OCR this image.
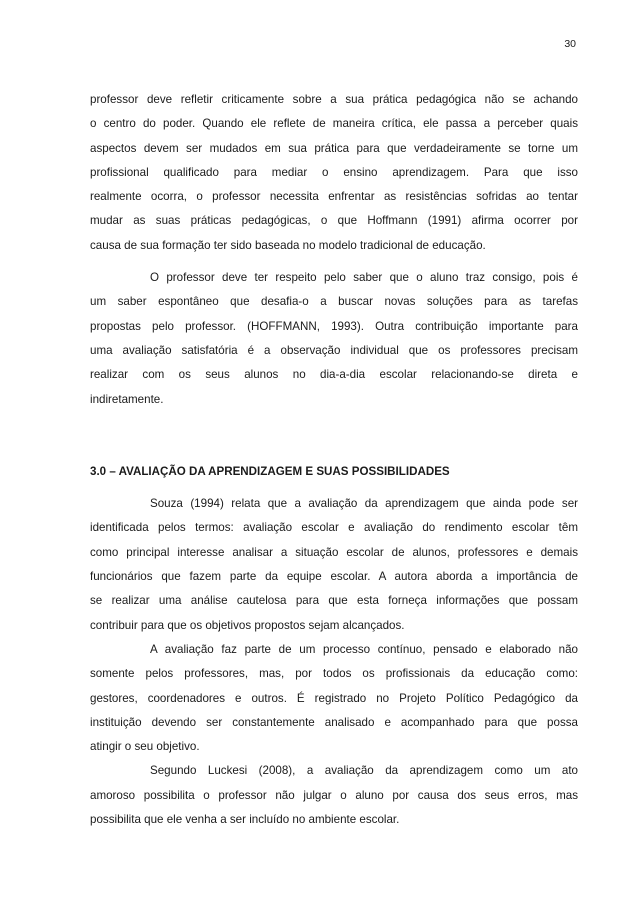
30
professor deve refletir criticamente sobre a sua prática pedagógica não se achando
o centro do poder. Quando ele reflete de maneira crítica, ele passa a perceber quais
aspectos devem ser mudados em sua prática para que verdadeiramente se torne um
profissional qualificado para mediar o ensino aprendizagem. Para que isso
realmente ocorra, o professor necessita enfrentar as resistências sofridas ao tentar
mudar as suas práticas pedagógicas, o que Hoffmann (1991) afirma ocorrer por
causa de sua formação ter sido baseada no modelo tradicional de educação.
O professor deve ter respeito pelo saber que o aluno traz consigo, pois é
um saber espontâneo que desafia-o a buscar novas soluções para as tarefas
propostas pelo professor. (HOFFMANN, 1993). Outra contribuição importante para
uma avaliação satisfatória é a observação individual que os professores precisam
realizar com os seus alunos no dia-a-dia escolar relacionando-se direta e
indiretamente.
3.0 – AVALIAÇÃO DA APRENDIZAGEM E SUAS POSSIBILIDADES
Souza (1994) relata que a avaliação da aprendizagem que ainda pode ser
identificada pelos termos: avaliação escolar e avaliação do rendimento escolar têm
como principal interesse analisar a situação escolar de alunos, professores e demais
funcionários que fazem parte da equipe escolar. A autora aborda a importância de
se realizar uma análise cautelosa para que esta forneça informações que possam
contribuir para que os objetivos propostos sejam alcançados.
A avaliação faz parte de um processo contínuo, pensado e elaborado não
somente pelos professores, mas, por todos os profissionais da educação como:
gestores, coordenadores e outros. É registrado no Projeto Político Pedagógico da
instituição devendo ser constantemente analisado e acompanhado para que possa
atingir o seu objetivo.
Segundo Luckesi (2008), a avaliação da aprendizagem como um ato
amoroso possibilita o professor não julgar o aluno por causa dos seus erros, mas
possibilita que ele venha a ser incluído no ambiente escolar.
